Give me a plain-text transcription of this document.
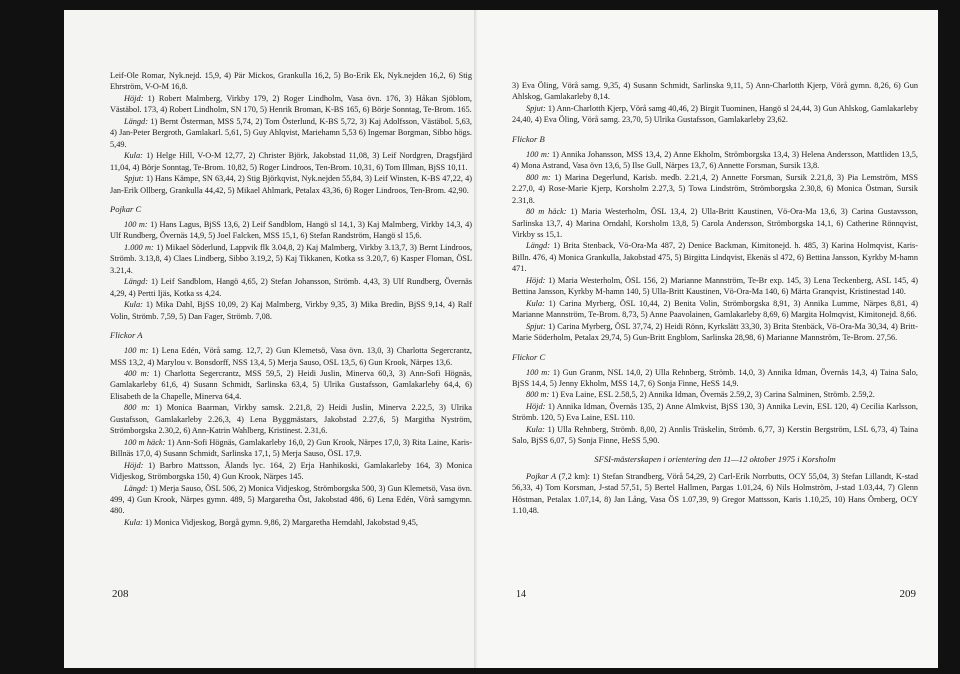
Leif-Ole Romar, Nyk.nejd. 15,9, 4) Pär Mickos, Grankulla 16,2, 5) Bo-Erik Ek, Nyk.nejden 16,2, 6) Stig Ehrström, V-O-M 16,8.

Höjd: 1) Robert Malmberg, Virkby 179, 2) Roger Lindholm, Vasa övn. 176, 3) Håkan Sjöblom, Västäbol. 173, 4) Robert Lindholm, SN 170, 5) Henrik Broman, K-BS 165, 6) Börje Sonntag, Te-Brom. 165.

Längd: 1) Bernt Österman, MSS 5,74, 2) Tom Österlund, K-BS 5,72, 3) Kaj Adolfsson, Västäbol. 5,63, 4) Jan-Peter Bergroth, Gamlakarl. 5,61, 5) Guy Ahlqvist, Mariehamn 5,53 6) Ingemar Borgman, Sibbo högs. 5,49.

Kula: 1) Helge Hill, V-O-M 12,77, 2) Christer Björk, Jakobstad 11,08, 3) Leif Nordgren, Dragsfjärd 11,04, 4) Börje Sonntag, Te-Brom. 10,82, 5) Roger Lindroos, Ten-Brom. 10,31, 6) Tom Illman, BjSS 10,11.

Spjut: 1) Hans Kämpe, SN 63,44, 2) Stig Björkqvist, Nyk.nejden 55,84, 3) Leif Winsten, K-BS 47,22, 4) Jan-Erik Ollberg, Grankulla 44,42, 5) Mikael Ahlmark, Petalax 43,36, 6) Roger Lindroos, Ten-Brom. 42,90.

Pojkar C

100 m: 1) Hans Lagus, BjSS 13,6, 2) Leif Sandblom, Hangö sl 14,1, 3) Kaj Malmberg, Virkby 14,3, 4) Ulf Rundberg, Övernäs 14,9, 5) Joel Falcken, MSS 15,1, 6) Stefan Randström, Hangö sl 15,6.

1.000 m: 1) Mikael Söderlund, Lappvik flk 3.04,8, 2) Kaj Malmberg, Virkby 3.13,7, 3) Bernt Lindroos, Strömb. 3.13,8, 4) Claes Lindberg, Sibbo 3.19,2, 5) Kaj Tikkanen, Kotka ss 3.20,7, 6) Kasper Floman, ÖSL 3.21,4.

Längd: 1) Leif Sandblom, Hangö 4,65, 2) Stefan Johansson, Strömb. 4,43, 3) Ulf Rundberg, Övernäs 4,29, 4) Pertti Ijäs, Kotka ss 4,24.

Kula: 1) Mika Dahl, BjSS 10,09, 2) Kaj Malmberg, Virkby 9,35, 3) Mika Bredin, BjSS 9,14, 4) Ralf Volin, Strömb. 7,59, 5) Dan Fager, Strömb. 7,08.

Flickor A

100 m: 1) Lena Edén, Vörå samg. 12,7, 2) Gun Klemetsö, Vasa övn. 13,0, 3) Charlotta Segercrantz, MSS 13,2, 4) Marylou v. Bonsdorff, NSS 13,4, 5) Merja Sauso, OSL 13,5, 6) Gun Krook, Närpes 13,6.

400 m: 1) Charlotta Segercrantz, MSS 59,5, 2) Heidi Juslin, Minerva 60,3, 3) Ann-Sofi Högnäs, Gamlakarleby 61,6, 4) Susann Schmidt, Sarlinska 63,4, 5) Ulrika Gustafsson, Gamlakarleby 64,4, 6) Elisabeth de la Chapelle, Minerva 64,4.

800 m: 1) Monica Baarman, Virkby samsk. 2.21,8, 2) Heidi Juslin, Minerva 2.22,5, 3) Ulrika Gustafsson, Gamlakarleby 2.26,3, 4) Lena Byggmästars, Jakobstad 2.27,6, 5) Margitha Nyström, Strömborgska 2.30,2, 6) Ann-Katrin Wahlberg, Kristinest. 2.31,6.

100 m häck: 1) Ann-Sofi Högnäs, Gamlakarleby 16,0, 2) Gun Krook, Närpes 17,0, 3) Rita Laine, Karis-Billnäs 17,0, 4) Susann Schmidt, Sarlinska 17,1, 5) Merja Sauso, ÖSL 17,9.

Höjd: 1) Barbro Mattsson, Ålands lyc. 164, 2) Erja Hanhikoski, Gamlakarleby 164, 3) Monica Vidjeskog, Strömborgska 150, 4) Gun Krook, Närpes 145.

Längd: 1) Merja Sauso, ÖSL 506, 2) Monica Vidjeskog, Strömborgska 500, 3) Gun Klemetsö, Vasa övn. 499, 4) Gun Krook, Närpes gymn. 489, 5) Margaretha Öst, Jakobstad 486, 6) Lena Edén, Vörå samgymn. 480.

Kula: 1) Monica Vidjeskog, Borgå gymn. 9,86, 2) Margaretha Hemdahl, Jakobstad 9,45,

208

3) Eva Öling, Vörå samg. 9,35, 4) Susann Schmidt, Sarlinska 9,11, 5) Ann-Charlotth Kjerp, Vörå gymn. 8,26, 6) Gun Ahlskog, Gamlakarleby 8,14.

Spjut: 1) Ann-Charlotth Kjerp, Vörå samg 40,46, 2) Birgit Tuominen, Hangö sl 24,44, 3) Gun Ahlskog, Gamlakarleby 24,40, 4) Eva Öling, Vörå samg. 23,70, 5) Ulrika Gustafsson, Gamlakarleby 23,62.

Flickor B

100 m: 1) Annika Johansson, MSS 13,4, 2) Anne Ekholm, Strömborgska 13,4, 3) Helena Andersson, Mattliden 13,5, 4) Mona Astrand, Vasa övn 13,6, 5) Ilse Gull, Närpes 13,7, 6) Annette Forsman, Sursik 13,8.

800 m: 1) Marina Degerlund, Karisb. medb. 2.21,4, 2) Annette Forsman, Sursik 2.21,8, 3) Pia Lemström, MSS 2.27,0, 4) Rose-Marie Kjerp, Korsholm 2.27,3, 5) Towa Lindström, Strömborgska 2.30,8, 6) Monica Östman, Sursik 2.31,8.

80 m häck: 1) Maria Westerholm, ÖSL 13,4, 2) Ulla-Britt Kaustinen, Vö-Ora-Ma 13,6, 3) Carina Gustavsson, Sarlinska 13,7, 4) Marina Orndahl, Korsholm 13,8, 5) Carola Andersson, Strömborgska 14,1, 6) Catherine Rönnqvist, Virkby ss 15,1.

Längd: 1) Brita Stenback, Vö-Ora-Ma 487, 2) Denice Backman, Kimitonejd. h. 485, 3) Karina Holmqvist, Karis-Billn. 476, 4) Monica Grankulla, Jakobstad 475, 5) Birgitta Lindqvist, Ekenäs sl 472, 6) Bettina Jansson, Kyrkby M-hamn 471.

Höjd: 1) Maria Westerholm, ÖSL 156, 2) Marianne Mannström, Te-Br exp. 145, 3) Lena Teckenberg, ASL 145, 4) Bettina Jansson, Kyrkby M-hamn 140, 5) Ulla-Britt Kaustinen, Vö-Ora-Ma 140, 6) Märta Granqvist, Kristinestad 140.

Kula: 1) Carina Myrberg, ÖSL 10,44, 2) Benita Volin, Strömborgska 8,91, 3) Annika Lumme, Närpes 8,81, 4) Marianne Mannström, Te-Brom. 8,73, 5) Anne Paavolainen, Gamlakarleby 8,69, 6) Margita Holmqvist, Kimitonejd. 8,66.

Spjut: 1) Carina Myrberg, ÖSL 37,74, 2) Heidi Rönn, Kyrkslätt 33,30, 3) Brita Stenbäck, Vö-Ora-Ma 30,34, 4) Britt-Marie Söderholm, Petalax 29,74, 5) Gun-Britt Engblom, Sarlinska 28,98, 6) Marianne Mannström, Te-Brom. 27,56.

Flickor C

100 m: 1) Gun Granm, NSL 14,0, 2) Ulla Rehnberg, Strömb. 14,0, 3) Annika Idman, Övernäs 14,3, 4) Taina Salo, BjSS 14,4, 5) Jenny Ekholm, MSS 14,7, 6) Sonja Finne, HeSS 14,9.

800 m: 1) Eva Laine, ESL 2.58,5, 2) Annika Idman, Övernäs 2.59,2, 3) Carina Salminen, Strömb. 2.59,2.

Höjd: 1) Annika Idman, Övernäs 135, 2) Anne Almkvist, BjSS 130, 3) Annika Levin, ESL 120, 4) Cecilia Karlsson, Strömb. 120, 5) Eva Laine, ESL 110.

Kula: 1) Ulla Rehnberg, Strömb. 8,00, 2) Annlis Träskelin, Strömb. 6,77, 3) Kerstin Bergström, LSL 6,73, 4) Taina Salo, BjSS 6,07, 5) Sonja Finne, HeSS 5,90.

SFSI-mästerskapen i orientering den 11—12 oktober 1975 i Korsholm

Pojkar A (7,2 km): 1) Stefan Strandberg, Vörå 54,29, 2) Carl-Erik Norrbutts, OCY 55,04, 3) Stefan Lillandt, K-stad 56,33, 4) Tom Korsman, J-stad 57,51, 5) Bertel Hallmen, Pargas 1.01,24, 6) Nils Holmström, J-stad 1.03,44, 7) Glenn Höstman, Petalax 1.07,14, 8) Jan Lång, Vasa ÖS 1.07,39, 9) Gregor Mattsson, Karis 1.10,25, 10) Hans Örnberg, OCY 1.10,48.

14	209
